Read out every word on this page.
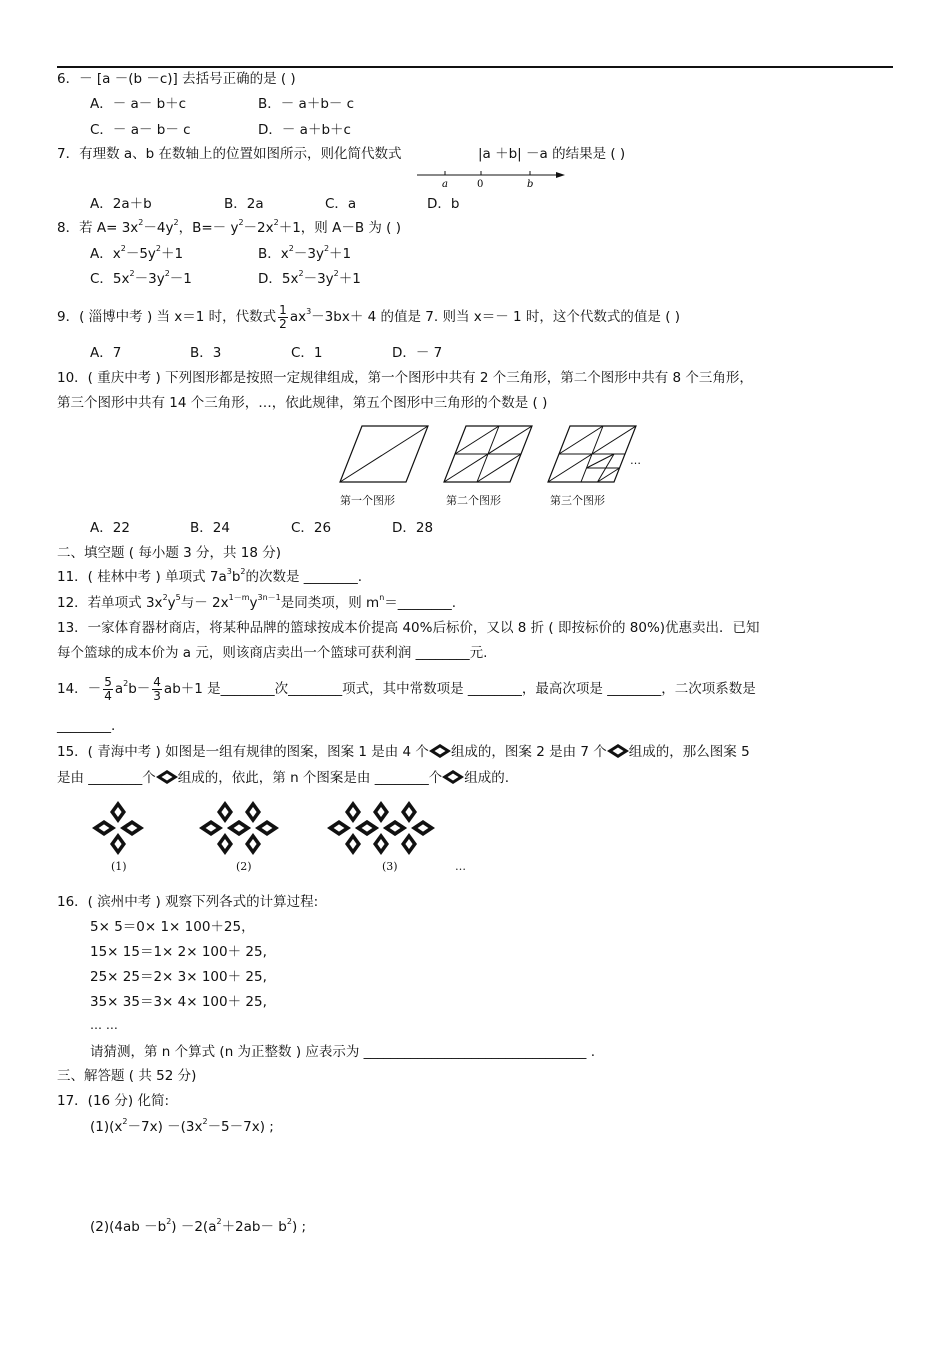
6．－ [a －(b －c)] 去括号正确的是 ( )
A．－ a－ b＋c	B．－ a＋b－ c
C．－ a－ b－ c	D．－ a＋b＋c
7．有理数 a、b 在数轴上的位置如图所示，则化简代数式	|a ＋b| －a 的结果是 ( )
a	0	b
A．2a＋b	B．2a	C．a	D．b
8．若 $A= 3x^2-4y^2$，$B=- y^2-2x^2+1$，则 A－B 为 ( )
A．$x^2-5y^2+1$	B．$x^2-3y^2+1$
C．$5x^2-3y^2-1$	D．$5x^2-3y^2+1$
9．( 淄博中考 ) 当 x＝1 时，代数式 $\frac{1}{2} ax^3-3bx+ 4$ 的值是 7. 则当 x＝－ 1 时，这个代数式的值是 ( )
A．7	B．3	C．1	D．－ 7
10．( 重庆中考 ) 下列图形都是按照一定规律组成，第一个图形中共有 2 个三角形，第二个图形中共有 8 个三角形，
第三个图形中共有 14 个三角形，…，依此规律，第五个图形中三角形的个数是 ( )
…
第一个图形	第二个图形	第三个图形
A．22	B．24	C．26	D．28
二、填空题 ( 每小题 3 分，共 18 分)
11．( 桂林中考 ) 单项式 $7a^3b^2$的次数是 ________.
12．若单项式 $3x^2y^5$与－ $2x^{1-m}y^{3n-1}$是同类项，则 $m^n=\_\_\_\_\_\_\_\_$.
13．一家体育器材商店，将某种品牌的篮球按成本价提高 40%后标价，又以 8 折 ( 即按标价的 80%)优惠卖出．已知
每个篮球的成本价为 a 元，则该商店卖出一个篮球可获利润 ________元.
14．－ $\frac{5}{4} a^2b- \frac{4}{3} ab+1$ 是________次________项式，其中常数项是 ________，最高次项是 ________，二次项系数是
________.
15．( 青海中考 ) 如图是一组有规律的图案，图案 1 是由 4 个 组成的，图案 2 是由 7 个 组成的，那么图案 5
是由 ________个 组成的，依此，第 n 个图案是由 ________个 组成的.
(1)	(2)	(3)	…
16．( 滨州中考 ) 观察下列各式的计算过程:
5× 5＝0× 1× 100＋25，
15× 15＝1× 2× 100＋ 25,
25× 25＝2× 3× 100＋ 25,
35× 35＝3× 4× 100＋ 25,
… …
请猜测，第 n 个算式 (n 为正整数 ) 应表示为 _________________________________ .
三、解答题 ( 共 52 分)
17．(16 分) 化简:
$(1)(x^2-7x) -(3x^2-5-7x)$ ;
$(2)(4ab -b^2) -2(a^2+2ab- b^2)$ ;
